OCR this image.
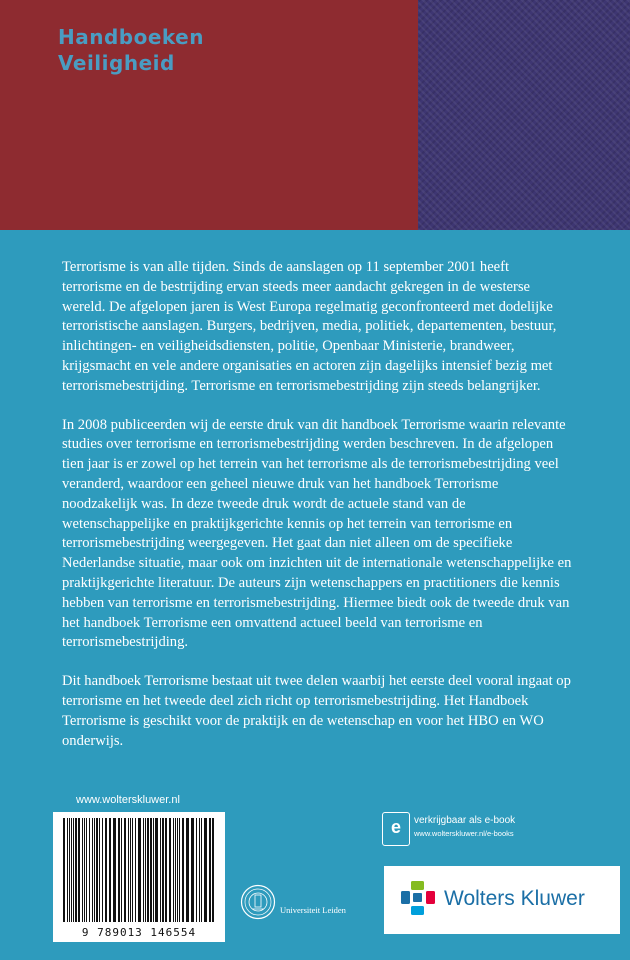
Handboeken
Veiligheid

Terrorisme is van alle tijden. Sinds de aanslagen op 11 september 2001 heeft terrorisme en de bestrijding ervan steeds meer aandacht gekregen in de westerse wereld. De afgelopen jaren is West Europa regelmatig geconfronteerd met dodelijke terroristische aanslagen. Burgers, bedrijven, media, politiek, departementen, bestuur, inlichtingen- en veiligheidsdiensten, politie, Openbaar Ministerie, brandweer, krijgsmacht en vele andere organisaties en actoren zijn dagelijks intensief bezig met terrorismebestrijding. Terrorisme en terrorismebestrijding zijn steeds belangrijker.

In 2008 publiceerden wij de eerste druk van dit handboek Terrorisme waarin relevante studies over terrorisme en terrorismebestrijding werden beschreven. In de afgelopen tien jaar is er zowel op het terrein van het terrorisme als de terrorismebestrijding veel veranderd, waardoor een geheel nieuwe druk van het handboek Terrorisme noodzakelijk was. In deze tweede druk wordt de actuele stand van de wetenschappelijke en praktijkgerichte kennis op het terrein van terrorisme en terrorismebestrijding weergegeven. Het gaat dan niet alleen om de specifieke Nederlandse situatie, maar ook om inzichten uit de internationale wetenschappelijke en praktijkgerichte literatuur. De auteurs zijn wetenschappers en practitioners die kennis hebben van terrorisme en terrorismebestrijding. Hiermee biedt ook de tweede druk van het handboek Terrorisme een omvattend actueel beeld van terrorisme en terrorismebestrijding.

Dit handboek Terrorisme bestaat uit twee delen waarbij het eerste deel vooral ingaat op terrorisme en het tweede deel zich richt op terrorismebestrijding. Het Handboek Terrorisme is geschikt voor de praktijk en de wetenschap en voor het HBO en WO onderwijs.

www.wolterskluwer.nl
9 789013 146554
Universiteit Leiden
e	verkrijgbaar als e-book
www.wolterskluwer.nl/e-books
Wolters Kluwer
